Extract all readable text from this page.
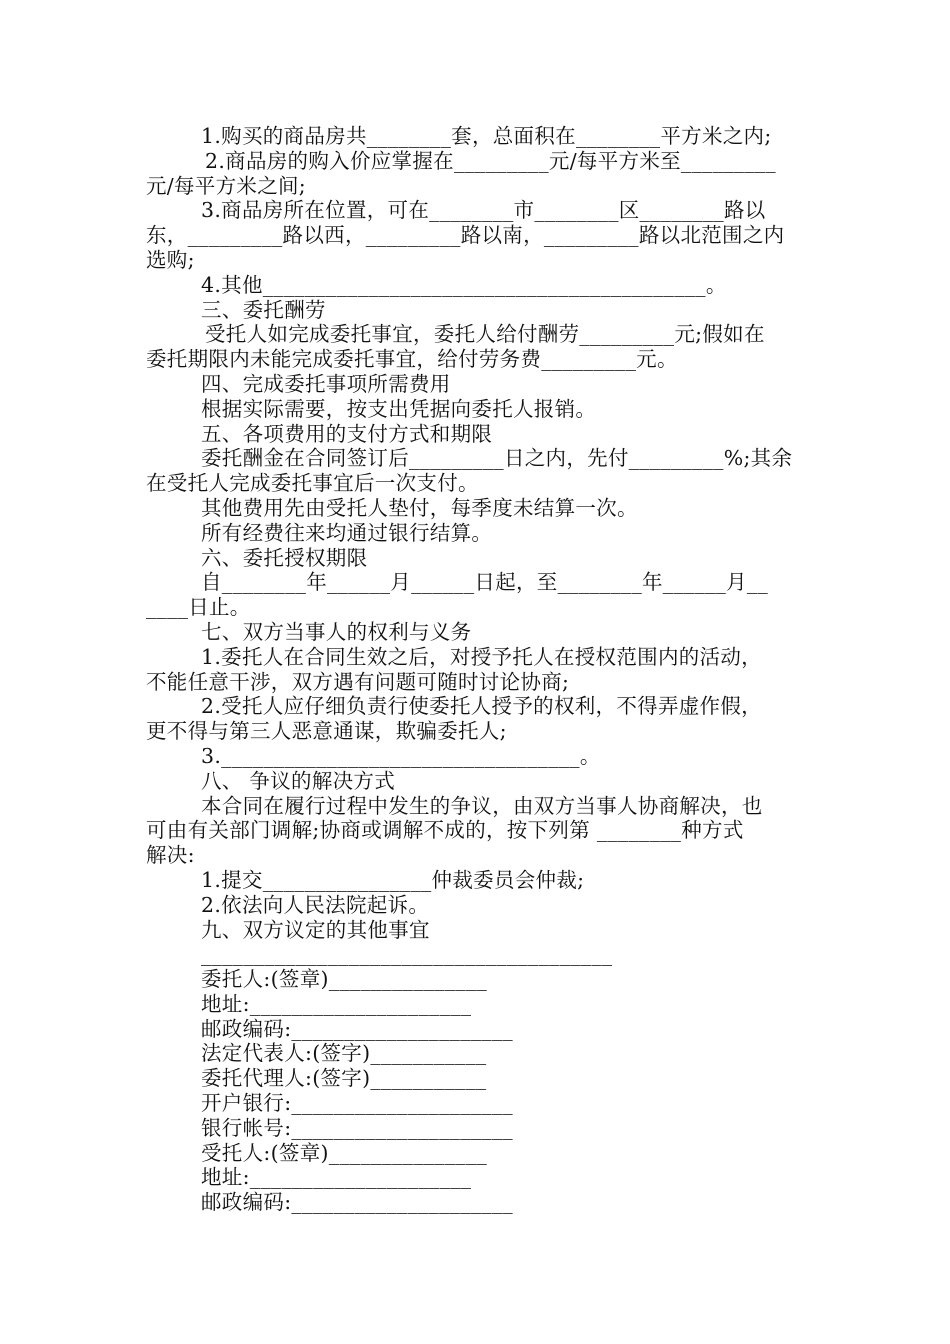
1.购买的商品房共________套，总面积在________平方米之内;
2.商品房的购入价应掌握在_________元/每平方米至_________
元/每平方米之间;
3.商品房所在位置，可在________市________区________路以
东，_________路以西，_________路以南，_________路以北范围之内
选购;
4.其他__________________________________________。
三、委托酬劳
受托人如完成委托事宜，委托人给付酬劳_________元;假如在
委托期限内未能完成委托事宜，给付劳务费_________元。
四、完成委托事项所需费用
根据实际需要，按支出凭据向委托人报销。
五、各项费用的支付方式和期限
委托酬金在合同签订后_________日之内，先付_________%;其余
在受托人完成委托事宜后一次支付。
其他费用先由受托人垫付，每季度未结算一次。
所有经费往来均通过银行结算。
六、委托授权期限
自________年______月______日起，至________年______月__
____日止。
七、双方当事人的权利与义务
1.委托人在合同生效之后，对授予托人在授权范围内的活动，
不能任意干涉，双方遇有问题可随时讨论协商;
2.受托人应仔细负责行使委托人授予的权利，不得弄虚作假，
更不得与第三人恶意通谋，欺骗委托人;
3.__________________________________。
八、 争议的解决方式
本合同在履行过程中发生的争议，由双方当事人协商解决，也
可由有关部门调解;协商或调解不成的，按下列第 ________种方式
解决:
1.提交________________仲裁委员会仲裁;
2.依法向人民法院起诉。
九、双方议定的其他事宜
_______________________________________
委托人:(签章)_______________
地址:_____________________
邮政编码:_____________________
法定代表人:(签字)___________
委托代理人:(签字)___________
开户银行:_____________________
银行帐号:_____________________
受托人:(签章)_______________
地址:_____________________
邮政编码:_____________________
